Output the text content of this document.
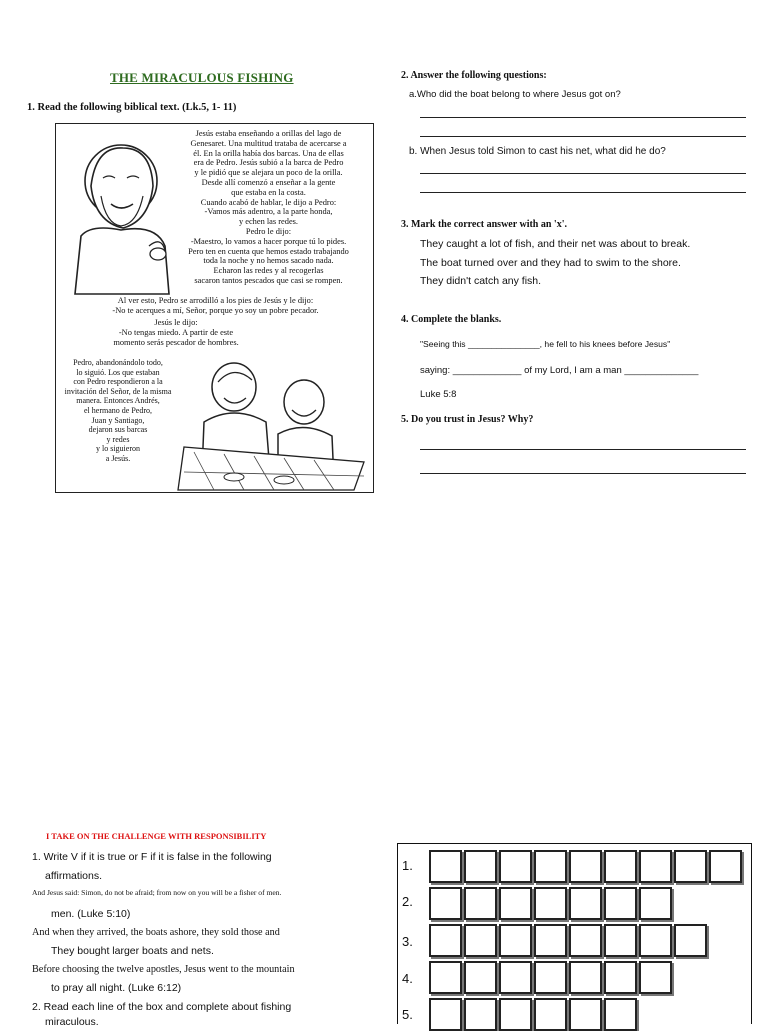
THE MIRACULOUS FISHING
1. Read the following biblical text. (Lk.5, 1- 11)
Jesús estaba enseñando a orillas del lago de
Genesaret. Una multitud trataba de acercarse a
él. En la orilla había dos barcas. Una de ellas
era de Pedro. Jesús subió a la barca de Pedro
y le pidió que se alejara un poco de la orilla.
Desde allí comenzó a enseñar a la gente
que estaba en la costa.
Cuando acabó de hablar, le dijo a Pedro:
-Vamos más adentro, a la parte honda,
y echen las redes.
Pedro le dijo:
-Maestro, lo vamos a hacer porque tú lo pides.
Pero ten en cuenta que hemos estado trabajando
toda la noche y no hemos sacado nada.
Echaron las redes y al recogerlas
sacaron tantos pescados que casi se rompen.
Al ver esto, Pedro se arrodilló a los pies de Jesús y le dijo:
-No te acerques a mí, Señor, porque yo soy un pobre pecador.
Jesús le dijo:
-No tengas miedo. A partir de este
momento serás pescador de hombres.
Pedro, abandonándolo todo,
lo siguió. Los que estaban
con Pedro respondieron a la
invitación del Señor, de la misma
manera. Entonces Andrés,
el hermano de Pedro,
Juan y Santiago,
dejaron sus barcas
y redes
y lo siguieron
a Jesús.
2. Answer the following questions:
a.Who did the boat belong to where Jesus got on?
b. When Jesus told Simon to cast his net, what did he do?
3. Mark the correct answer with an 'x'.
They caught a lot of fish, and their net was about to break.
The boat turned over and they had to swim to the shore.
They didn't catch any fish.
4. Complete the blanks.
"Seeing this _______________, he fell to his knees before Jesus"
saying: _____________ of my Lord, I am a man ______________
Luke 5:8
5. Do you trust in Jesus? Why?
I TAKE ON THE CHALLENGE WITH RESPONSIBILITY
1. Write V if it is true or F if it is false in the following
affirmations.
And Jesus said: Simon, do not be afraid; from now on you will be a fisher of men.
men. (Luke 5:10)
And when they arrived, the boats ashore, they sold those and
They bought larger boats and nets.
Before choosing the twelve apostles, Jesus went to the mountain
to pray all night. (Luke 6:12)
2. Read each line of the box and complete about fishing
miraculous.
1.
2.
3.
4.
5.
